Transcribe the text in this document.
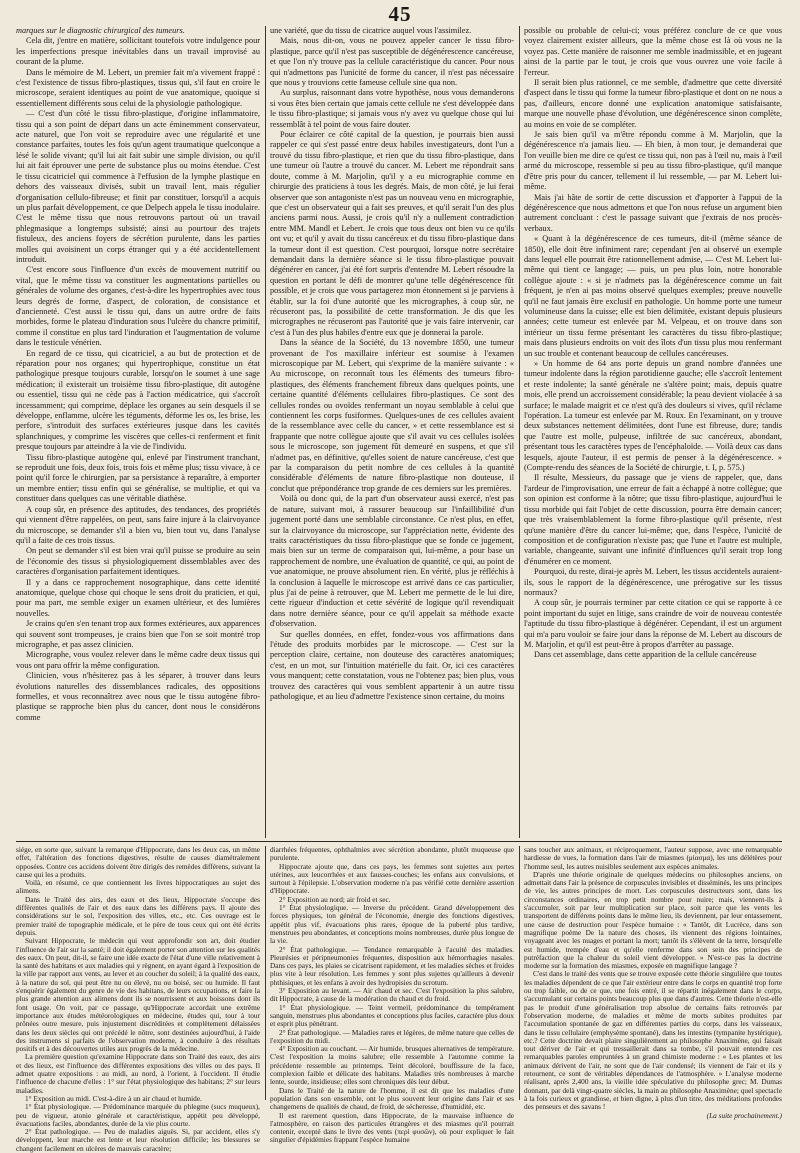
45

marques sur le diagnostic chirurgical des tumeurs.

Cela dit, j'entre en matière, sollicitant toutefois votre indulgence pour les imperfections presque inévitables dans un travail improvisé au courant de la plume.

Dans le mémoire de M. Lebert, un premier fait m'a vivement frappé : c'est l'existence de tissus fibro-plastiques, tissus qui, s'il faut en croire le microscope, seraient identiques au point de vue anatomique, quoique si essentiellement différents sous celui de la physiologie pathologique.

— C'est d'un côté le tissu fibro-plastique, d'origine inflammatoire, tissu qui a son point de départ dans un acte éminemment conservateur, acte naturel, que l'on voit se reproduire avec une régularité et une constance parfaites, toutes les fois qu'un agent traumatique quelconque a lésé le solide vivant; qu'il lui ait fait subir une simple division, ou qu'il lui ait fait éprouver une perte de substance plus ou moins étendue. C'est le tissu cicatriciel qui commence à l'effusion de la lymphe plastique en dehors des vaisseaux divisés, subit un travail lent, mais régulier d'organisation cellulo-fibreuse; et finit par constituer, lorsqu'il a acquis un plus parfait développement, ce que Delpech appela le tissu inodulaire. C'est le même tissu que nous retrouvons partout où un travail phlegmasique a longtemps subsisté; ainsi au pourtour des trajets fistuleux, des anciens foyers de sécrétion purulente, dans les parties molles qui avoisinent un corps étranger qui y a été accidentellement introduit.

C'est encore sous l'influence d'un excès de mouvement nutritif ou vital, que le même tissu va constituer les augmentations partielles ou générales de volume des organes, c'est-à-dire les hypertrophies avec tous leurs degrés de forme, d'aspect, de coloration, de consistance et d'ancienneté. C'est aussi le tissu qui, dans un autre ordre de faits morbides, forme le plateau d'induration sous l'ulcère du chancre primitif, comme il constitue en plus tard l'induration et l'augmentation de volume dans le testicule vénérien.

En regard de ce tissu, qui cicatriciel, a au but de protection et de réparation pour nos organes; qui hypertrophique, constitue un état pathologique presque toujours curable, lorsqu'on le soumet à une sage médication; il existerait un troisième tissu fibro-plastique, dit autogène ou essentiel, tissu qui ne cède pas à l'action médicatrice, qui s'accroît incessamment; qui comprime, déplace les organes au sein desquels il se développe, enflamme, ulcère les téguments, déforme les os, les brise, les perfore, s'introduit des surfaces extérieures jusque dans les cavités splanchniques, y comprime les viscères que celles-ci renferment et finit presque toujours par atteindre à la vie de l'individu.

Tissu fibro-plastique autogène qui, enlevé par l'instrument tranchant, se reproduit une fois, deux fois, trois fois et même plus; tissu vivace, à ce point qu'il force le chirurgien, par sa persistance à reparaître, à emporter un membre entier; tissu enfin qui se généralise, se multiplie, et qui va constituer dans quelques cas une véritable diathèse.

A coup sûr, en présence des aptitudes, des tendances, des propriétés qui viennent d'être rappelées, on peut, sans faire injure à la clairvoyance du microscope, se demander s'il a bien vu, bien tout vu, dans l'analyse qu'il a faite de ces trois tissus.

On peut se demander s'il est bien vrai qu'il puisse se produire au sein de l'économie des tissus si physiologiquement dissemblables avec des caractères d'organisation parfaitement identiques.

Il y a dans ce rapprochement nosographique, dans cette identité anatomique, quelque chose qui choque le sens droit du praticien, et qui, pour ma part, me semble exiger un examen ultérieur, et des lumières nouvelles.

Je crains qu'en s'en tenant trop aux formes extérieures, aux apparences qui souvent sont trompeuses, je crains bien que l'on se soit montré trop micrographe, et pas assez clinicien.

Micrographe, vous voulez relever dans le même cadre deux tissus qui vous ont paru offrir la même configuration.

Clinicien, vous n'hésiterez pas à les séparer, à trouver dans leurs évolutions naturelles des dissemblances radicales, des oppositions formelles, et vous reconnaîtrez avec nous que le tissu autogène fibro-plastique se rapproche bien plus du cancer, dont nous le considérons comme

une variété, que du tissu de cicatrice auquel vous l'assimilez.

Mais, nous dit-on, vous ne pouvez appeler cancer le tissu fibro-plastique, parce qu'il n'est pas susceptible de dégénérescence cancéreuse, et que l'on n'y trouve pas la cellule caractéristique du cancer. Pour nous qui n'admettons pas l'unicité de forme du cancer, il n'est pas nécessaire que nous y trouvions cette fameuse cellule sine qua non.

Au surplus, raisonnant dans votre hypothèse, nous vous demanderons si vous êtes bien certain que jamais cette cellule ne s'est développée dans le tissu fibro-plastique; si jamais vous n'y avez vu quelque chose qui lui ressemblât à tel point de vous faire douter.

Pour éclairer ce côté capital de la question, je pourrais bien aussi rappeler ce qui s'est passé entre deux habiles investigateurs, dont l'un a trouvé du tissu fibro-plastique, et rien que du tissu fibro-plastique, dans une tumeur où l'autre a trouvé du cancer. M. Lebert me répondrait sans doute, comme à M. Marjolin, qu'il y a eu micrographie comme en chirurgie des praticiens à tous les degrés. Mais, de mon côté, je lui ferai observer que son antagoniste n'est pas un nouveau venu en micrographie, que c'est un observateur qui a fait ses preuves, et qu'il serait l'un des plus anciens parmi nous. Aussi, je crois qu'il n'y a nullement contradiction entre MM. Mandl et Lebert. Je crois que tous deux ont bien vu ce qu'ils ont vu; et qu'il y avait du tissu cancéreux et du tissu fibro-plastique dans la tumeur dont il est question. C'est pourquoi, lorsque notre secrétaire demandait dans la dernière séance si le tissu fibro-plastique pouvait dégénérer en cancer, j'ai été fort surpris d'entendre M. Lebert résoudre la question en portant le défi de montrer qu'une telle dégénérescence fût possible, et je crois que vous partagerez mon étonnement si je parviens à établir, sur la foi d'une autorité que les micrographes, à coup sûr, ne récuseront pas, la possibilité de cette transformation. Je dis que les micrographes ne récuseront pas l'autorité que je vais faire intervenir, car c'est à l'un des plus habiles d'entre eux que je donnerai la parole.

Dans la séance de la Société, du 13 novembre 1850, une tumeur provenant de l'os maxillaire inférieur est soumise à l'examen microscopique par M. Lebert, qui s'exprime de la manière suivante : « Au microscope, on reconnaît tous les éléments des tumeurs fibro-plastiques, des éléments franchement fibreux dans quelques points, une certaine quantité d'éléments cellulaires fibro-plastiques. Ce sont des cellules rondes ou ovoïdes renfermant un noyau semblable à celui que contiennent les corps fusiformes. Quelques-unes de ces cellules avaient de la ressemblance avec celle du cancer, » et cette ressemblance est si frappante que notre collègue ajoute que s'il avait vu ces cellules isolées sous le microscope, son jugement fût demeuré en suspens, et que s'il n'admet pas, en définitive, qu'elles soient de nature cancéreuse, c'est que par la comparaison du petit nombre de ces cellules à la quantité considérable d'éléments de nature fibro-plastique non douteuse, il conclut que prépondérance trop grande de ces derniers sur les premières.

Voilà ou donc qui, de la part d'un observateur aussi exercé, n'est pas de nature, suivant moi, à rassurer beaucoup sur l'infaillibilité d'un jugement porté dans une semblable circonstance. Ce n'est plus, en effet, sur la clairvoyance du microscope, sur l'appréciation nette, évidente des traits caractéristiques du tissu fibro-plastique que se fonde ce jugement, mais bien sur un terme de comparaison qui, lui-même, a pour base un rapprochement de nombre, une évaluation de quantité, ce qui, au point de vue anatomique, ne prouve absolument rien. En vérité, plus je réfléchis à la conclusion à laquelle le microscope est arrivé dans ce cas particulier, plus j'ai de peine à retrouver, que M. Lebert me permette de le lui dire, cette rigueur d'induction et cette sévérité de logique qu'il revendiquait dans notre dernière séance, pour ce qu'il appelait sa méthode exacte d'observation.

Sur quelles données, en effet, fondez-vous vos affirmations dans l'étude des produits morbides par le microscope. — C'est sur la perception claire, certaine, non douteuse des caractères anatomiques; c'est, en un mot, sur l'intuition matérielle du fait. Or, ici ces caractères vous manquent; cette constatation, vous ne l'obtenez pas; bien plus, vous trouvez des caractères qui vous semblent appartenir à un autre tissu pathologique, et au lieu d'admettre l'existence sinon certaine, du moins

possible ou probable de celui-ci; vous préférez conclure de ce que vous voyez clairement exister ailleurs, que la même chose est là où vous ne la voyez pas. Cette manière de raisonner me semble inadmissible, et en jugeant ainsi de la partie par le tout, je crois que vous ouvrez une voie facile à l'erreur.

Il serait bien plus rationnel, ce me semble, d'admettre que cette diversité d'aspect dans le tissu qui forme la tumeur fibro-plastique et dont on ne nous a pas, d'ailleurs, encore donné une explication anatomique satisfaisante, marque une nouvelle phase d'évolution, une dégénérescence sinon complète, au moins en voie de se compléter.

Je sais bien qu'il va m'être répondu comme à M. Marjolin, que la dégénérescence n'a jamais lieu. — Eh bien, à mon tour, je demanderai que l'on veuille bien me dire ce qu'est ce tissu qui, non pas à l'œil nu, mais à l'œil armé du microscope, ressemble si peu au tissu fibro-plastique, qu'il manque d'être pris pour du cancer, tellement il lui ressemble, — par M. Lebert lui-même.

Mais j'ai hâte de sortir de cette discussion et d'apporter à l'appui de la dégénérescence que nous admettons et que l'on nous refuse un argument bien autrement concluant : c'est le passage suivant que j'extrais de nos procès-verbaux.

« Quant à la dégénérescence de ces tumeurs, dit-il (même séance de 1850), elle doit être infiniment rare; cependant j'en ai observé un exemple dans lequel elle pourrait être rationnellement admise, — C'est M. Lebert lui-même qui tient ce langage; — puis, un peu plus loin, notre honorable collègue ajoute : « si je n'admets pas la dégénérescence comme un fait fréquent, je n'en ai pas moins observé quelques exemples; preuve nouvelle qu'il ne faut jamais être exclusif en pathologie. Un homme porte une tumeur volumineuse dans la cuisse; elle est bien délimitée, existant depuis plusieurs années; cette tumeur est enlevée par M. Velpeau, et on trouve dans son intérieur un tissu ferme présentant les caractères du tissu fibro-plastique; mais dans plusieurs endroits on voit des îlots d'un tissu plus mou renfermant un suc trouble et contenant beaucoup de cellules cancéreuses.

» Un homme de 64 ans porte depuis un grand nombre d'années une tumeur indolente dans la région parotidienne gauche; elle s'accroît lentement et reste indolente; la santé générale ne s'altère point; mais, depuis quatre mois, elle prend un accroissement considérable; la peau devient violacée à sa surface; le malade maigrit et ce n'est qu'à des douleurs si vives, qu'il réclame l'opération. La tumeur est enlevée par M. Roux. En l'examinant, on y trouve deux substances nettement délimitées, dont l'une est fibreuse, dure; tandis que l'autre est molle, pulpeuse, infiltrée de suc cancéreux, abondant, présentant tous les caractères types de l'encéphaloïde. — Voilà deux cas dans lesquels, ajoute l'auteur, il est permis de penser à la dégénérescence. » (Compte-rendu des séances de la Société de chirurgie, t. I, p. 575.)

Il résulte, Messieurs, du passage que je viens de rappeler, que, dans l'ardeur de l'improvisation, une erreur de fait a échappé à notre collègue; que son opinion est conforme à la nôtre; que tissu fibro-plastique, aujourd'hui le tissu morbide qui fait l'objet de cette discussion, pourra être demain cancer; que très vraisemblablement la forme fibro-plastique qu'il présente, n'est qu'une manière d'être du cancer lui-même; que, dans l'espèce, l'unicité de composition et de configuration n'existe pas; que l'une et l'autre est multiple, variable, changeante, suivant une infinité d'influences qu'il serait trop long d'énumérer en ce moment.

Pourquoi, du reste, dirai-je après M. Lebert, les tissus accidentels auraient-ils, sous le rapport de la dégénérescence, une prérogative sur les tissus normaux?

A coup sûr, je pourrais terminer par cette citation ce qui se rapporte à ce point important du sujet en litige, sans craindre de voir de nouveau contestée l'aptitude du tissu fibro-plastique à dégénérer. Cependant, il est un argument qui m'a paru vouloir se faire jour dans la réponse de M. Lebert au discours de M. Marjolin, et qu'il est peut-être à propos d'arrêter au passage.

Dans cet assemblage, dans cette apparition de la cellule cancéreuse

siége, en sorte que, suivant la remarque d'Hippocrate, dans les deux cas, un même effet, l'altération des fonctions digestives, résulte de causes diamétralement opposées. Contre ces accidens doivent être dirigés des remèdes différens, suivant la cause qui les a produits.

Voilà, en résumé, ce que contiennent les livres hippocratiques au sujet des alimens.

Dans le Traité des airs, des eaux et des lieux, Hippocrate s'occupe des différentes qualités de l'air et des eaux dans les différens pays. Il ajoute des considérations sur le sol, l'exposition des villes, etc., etc. Ces ouvrage est le premier traité de topographie médicale, et le père de tous ceux qui ont été écrits depuis.

Suivant Hippocrate, le médecin qui veut approfondir son art, doit étudier l'influence de l'air sur la santé; il doit également porter son attention sur les qualités des eaux. On peut, dit-il, se faire une idée exacte de l'état d'une ville relativement à la santé des habitans et aux maladies qui y règnent, en ayant égard à l'exposition de la ville par rapport aux vents, au lever et au coucher du soleil; à la qualité des eaux, à la nature du sol, qui peut être nu ou élevé, nu ou boisé, sec ou humide. Il faut s'enquérir également du genre de vie des habitans, de leurs occupations, et faire la plus grande attention aux alimens dont ils se nourrissent et aux boissons dont ils font usage. On voit, par ce passage, qu'Hippocrate accordait une extrême importance aux études météorologiques en médecine, études qui, tour à tour prônées outre mesure, puis injustement discréditées et complètement délaissées dans les deux siècles qui ont précédé le nôtre, sont destinées aujourd'hui, à l'aide des instrumens si parfaits de l'observation moderne, à conduire à des résultats positifs et à des découvertes utiles aux progrès de la médecine.

La première question qu'examine Hippocrate dans son Traité des eaux, des airs et des lieux, est l'influence des différentes expositions des villes ou des pays. Il admet quatre expositions : au midi, au nord, à l'orient, à l'occident. Il étudie l'influence de chacune d'elles : 1° sur l'état physiologique des habitans; 2° sur leurs maladies.

1° Exposition au midi. C'est-à-dire à un air chaud et humide.

1° État physiologique. — Prédominance marquée du phlegme (sucs muqueux), peu de vigueur, atonie générale et caractéristique, appétit peu développé, évacuations faciles, abondantes, durée de la vie plus courte.

2° État pathologique. — Peu de maladies aiguës. Si, par accident, elles s'y développent, leur marche est lente et leur résolution difficile; les blessures se changent facilement en ulcères de mauvais caractère;

diarrhées fréquentes, ophthalmies avec sécrétion abondante, plutôt muqueuse que purulente.

Hippocrate ajoute que, dans ces pays, les femmes sont sujettes aux pertes utérines, aux leucorrhées et aux fausses-couches; les enfans aux convulsions, et surtout à l'épilepsie. L'observation moderne n'a pas vérifié cette dernière assertion d'Hippocrate.

2° Exposition au nord; air froid et sec.

1° État physiologique. — Inverse du précédent. Grand développement des forces physiques, ton général de l'économie, énergie des fonctions digestives, appétit plus vif, évacuations plus rares, époque de la puberté plus tardive, menstrues peu abondantes, et conceptions moins nombreuses, durée plus longue de la vie.

2° État pathologique. — Tendance remarquable à l'acuité des maladies. Pleurésies et péripneumonies fréquentes, disposition aux hémorrhagies nasales. Dans ces pays, les plaies se cicatrisent rapidement, et les maladies sèches et froides plus vite à leur résolution. Les femmes y sont plus sujettes qu'ailleurs à devenir phthisiques, et les enfans à avoir des hydropisies du scrotum.

3° Exposition au levant. — Air chaud et sec. C'est l'exposition la plus salubre, dit Hippocrate, à cause de la modération du chaud et du froid.

1° État physiologique. — Teint vermeil, prédominance du tempérament sanguin, menstrues plus abondantes et conceptions plus faciles, caractère plus doux et esprit plus pénétrant.

2° État pathologique. — Maladies rares et légères, de même nature que celles de l'exposition du midi.

4° Exposition au couchant. — Air humide, brusques alternatives de température. C'est l'exposition la moins salubre; elle ressemble à l'automne comme la précédente ressemble au printemps. Teint décoloré, bouffissure de la face, complexion faible et délicate des habitans. Maladies très nombreuses à marche lente, sourde, insidieuse; elles sont chroniques dès leur début.

Dans le Traité de la nature de l'homme, il est dit que les maladies d'une population dans son ensemble, ont le plus souvent leur origine dans l'air et ses changemens de qualités de chaud, de froid, de sécheresse, d'humidité, etc.

Il est rarement question, dans Hippocrate, de la mauvaise influence de l'atmosphère, en raison des particules étrangères et des miasmes qu'il pourrait contenir, excepté dans le livre des vents (περὶ φυσῶν), où pour expliquer le fait singulier d'épidémies frappant l'espèce humaine

sans toucher aux animaux, et réciproquement, l'auteur suppose, avec une remarquable hardiesse de vues, la formation dans l'air de miasmes (μίασμα), les uns délétères pour l'homme seul, les autres nuisibles seulement aux espèces animales.

D'après une théorie originale de quelques médecins ou philosophes anciens, on admettait dans l'air la présence de corpuscules invisibles et disséminés, les uns principes de vie, les autres principes de mort. Les corpuscules destructeurs sont, dans les circonstances ordinaires, en trop petit nombre pour nuire; mais, viennent-ils à s'accumuler, soit par leur multiplication sur place, soit parce que les vents les transportent de différens points dans le même lieu, ils deviennent, par leur entassement, une cause de destruction pour l'espèce humaine : « Tantôt, dit Lucrèce, dans son magnifique poème De la nature des choses, ils viennent des régions lointaines, voyageant avec les nuages et portant la mort; tantôt ils s'élèvent de la terre, lorsqu'elle est humide, trempée d'eau et qu'elle renferme dans son sein des principes de putréfaction que la chaleur du soleil vient développer. » N'est-ce pas la doctrine moderne sur la formation des miasmes, exposée en magnifique langage ?

C'est dans le traité des vents que se trouve exposée cette théorie singulière que toutes les maladies dépendent de ce que l'air extérieur entre dans le corps en quantité trop forte ou trop faible, ou de ce que, une fois entré, il se répartit inégalement dans le corps, s'accumulant sur certains points beaucoup plus que dans d'autres. Cette théorie n'est-elle pas le produit d'une généralisation trop absolue de certains faits retrouvés par l'observation moderne, de maladies et même de morts subites produites par l'accumulation spontanée de gaz en différentes parties du corps, dans les vaisseaux, dans le tissu cellulaire (emphysème spontané), dans les intestins (tympanite hystérique), etc.? Cette doctrine devait plaire singulièrement au philosophe Anaximène, qui faisait tout dériver de l'air et qui tressaillerait dans sa tombe, s'il pouvait entendre ces remarquables paroles empruntées à un grand chimiste moderne : « Les plantes et les animaux dérivent de l'air, ne sont que de l'air condensé; ils viennent de l'air et ils y retournent, ce sont de véritables dépendances de l'atmosphère. » L'analyse moderne réalisant, après 2,400 ans, la vieille idée spéculative du philosophe grec; M. Dumas donnant, par delà vingt-quatre siècles, la main au philosophe Anaximène; quel spectacle à la fois curieux et grandiose, et bien digne, à plus d'un titre, des méditations profondes des penseurs et des savans !

(La suite prochainement.)
